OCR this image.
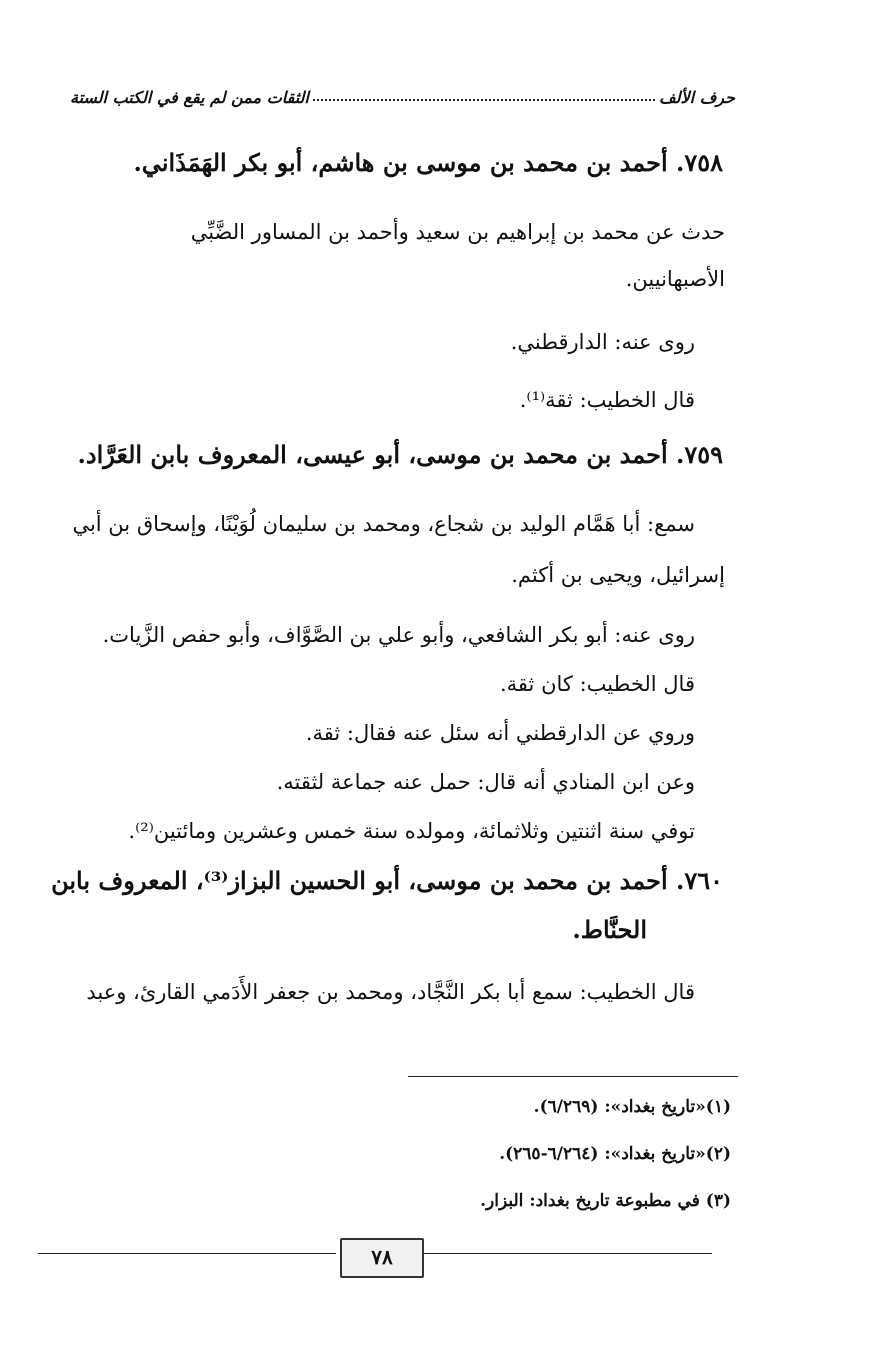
حرف الألف
الثقات ممن لم يقع في الكتب الستة
٧٥٨. أحمد بن محمد بن موسى بن هاشم، أبو بكر الهَمَذَاني.
حدث عن محمد بن إبراهيم بن سعيد وأحمد بن المساور الضَّبِّي
الأصبهانيين.
روى عنه: الدارقطني.
قال الخطيب: ثقة⁽¹⁾.
٧٥٩. أحمد بن محمد بن موسى، أبو عيسى، المعروف بابن العَرَّاد.
سمع: أبا هَمَّام الوليد بن شجاع، ومحمد بن سليمان لُوَيْنًا، وإسحاق بن أبي
إسرائيل، ويحيى بن أكثم.
روى عنه: أبو بكر الشافعي، وأبو علي بن الصَّوَّاف، وأبو حفص الزَّيات.
قال الخطيب: كان ثقة.
وروي عن الدارقطني أنه سئل عنه فقال: ثقة.
وعن ابن المنادي أنه قال: حمل عنه جماعة لثقته.
توفي سنة اثنتين وثلاثمائة، ومولده سنة خمس وعشرين ومائتين⁽²⁾.
٧٦٠. أحمد بن محمد بن موسى، أبو الحسين البزاز⁽³⁾، المعروف بابن
الحنَّاط.
قال الخطيب: سمع أبا بكر النَّجَّاد، ومحمد بن جعفر الأَدَمي القارئ، وعبد
(١)«تاريخ بغداد»: (٦/٢٦٩).
(٢)«تاريخ بغداد»: (٦/٢٦٤-٢٦٥).
(٣) في مطبوعة تاريخ بغداد: البزار.
٧٨
